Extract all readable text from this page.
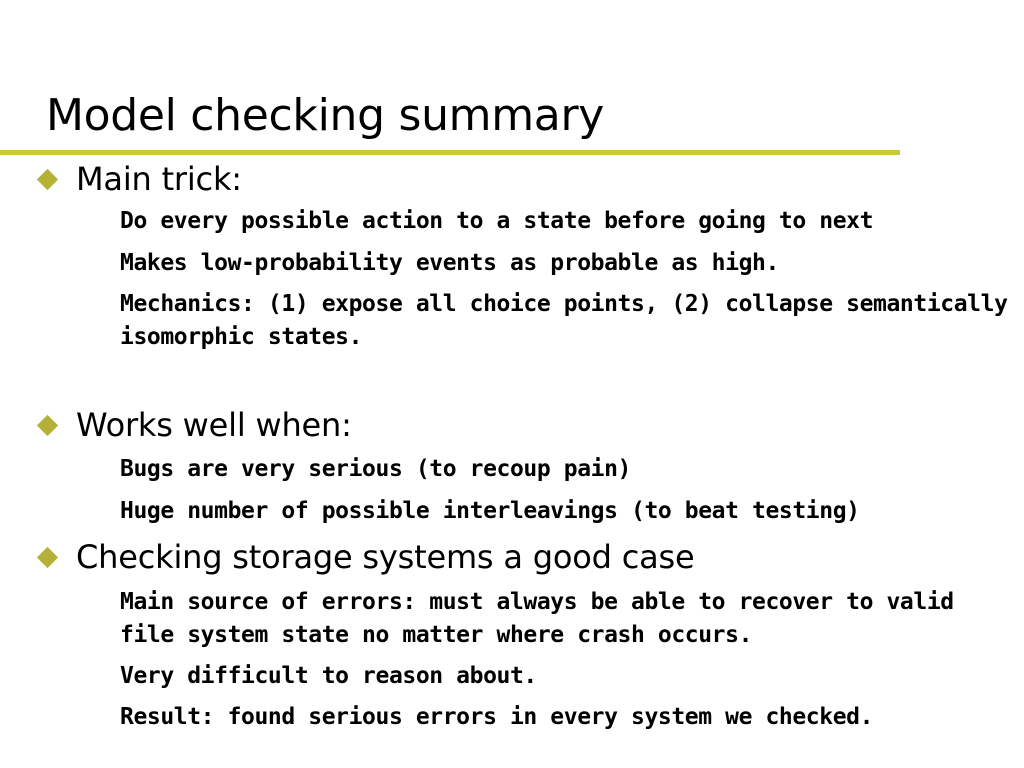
Model checking summary
Main trick:
Do every possible action to a state before going to next
Makes low-probability events as probable as high.
Mechanics: (1) expose all choice points, (2) collapse semantically isomorphic states.
Works well when:
Bugs are very serious (to recoup pain)
Huge number of possible interleavings (to beat testing)
Checking storage systems a good case
Main source of errors: must always be able to recover to valid file system state no matter where crash occurs.
Very difficult to reason about.
Result: found serious errors in every system we checked.
